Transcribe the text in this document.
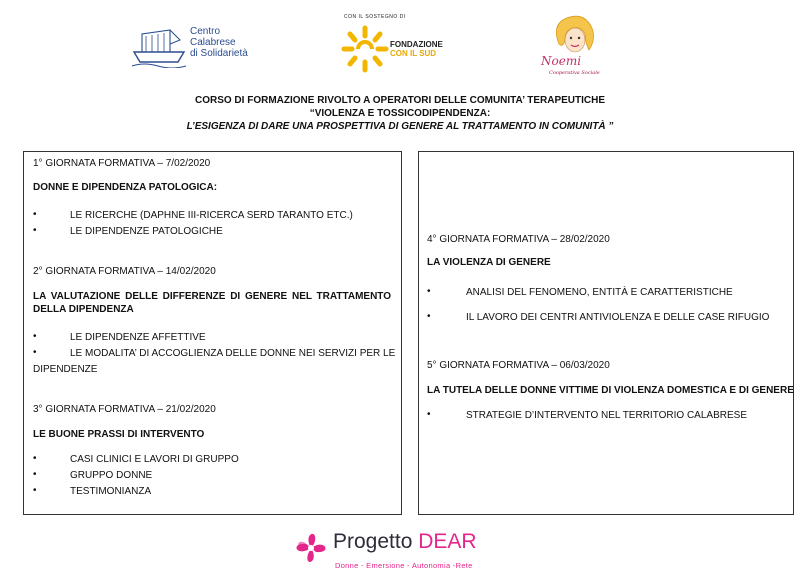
Centro
Calabrese
di Solidarietà
CON IL SOSTEGNO DI
FONDAZIONE
CON IL SUD
Noemi
Cooperativa Sociale
CORSO DI FORMAZIONE RIVOLTO A OPERATORI DELLE COMUNITA’ TERAPEUTICHE
“VIOLENZA E TOSSICODIPENDENZA:
L’ESIGENZA DI DARE UNA PROSPETTIVA DI GENERE AL TRATTAMENTO IN COMUNITÀ ”
1° GIORNATA FORMATIVA – 7/02/2020
DONNE E DIPENDENZA PATOLOGICA:
•	LE RICERCHE (DAPHNE III-RICERCA SERD TARANTO ETC.)
•	LE DIPENDENZE PATOLOGICHE
2° GIORNATA FORMATIVA – 14/02/2020
LA VALUTAZIONE DELLE DIFFERENZE DI GENERE NEL TRATTAMENTO DELLA DIPENDENZA
•	LE DIPENDENZE AFFETTIVE
•	LE MODALITA’ DI ACCOGLIENZA DELLE DONNE NEI SERVIZI PER LE
DIPENDENZE
3° GIORNATA FORMATIVA – 21/02/2020
LE BUONE PRASSI DI INTERVENTO
•	CASI CLINICI E LAVORI DI GRUPPO
•	GRUPPO DONNE
•	TESTIMONIANZA
4° GIORNATA FORMATIVA – 28/02/2020
LA VIOLENZA DI GENERE
•	ANALISI DEL FENOMENO, ENTITÀ E CARATTERISTICHE
•	IL LAVORO DEI CENTRI ANTIVIOLENZA E DELLE CASE RIFUGIO
5° GIORNATA FORMATIVA – 06/03/2020
LA TUTELA DELLE DONNE VITTIME DI VIOLENZA DOMESTICA E DI GENERE
•	STRATEGIE D’INTERVENTO NEL TERRITORIO CALABRESE
Progetto DEAR
Donne - Emersione - Autonomia -Rete
